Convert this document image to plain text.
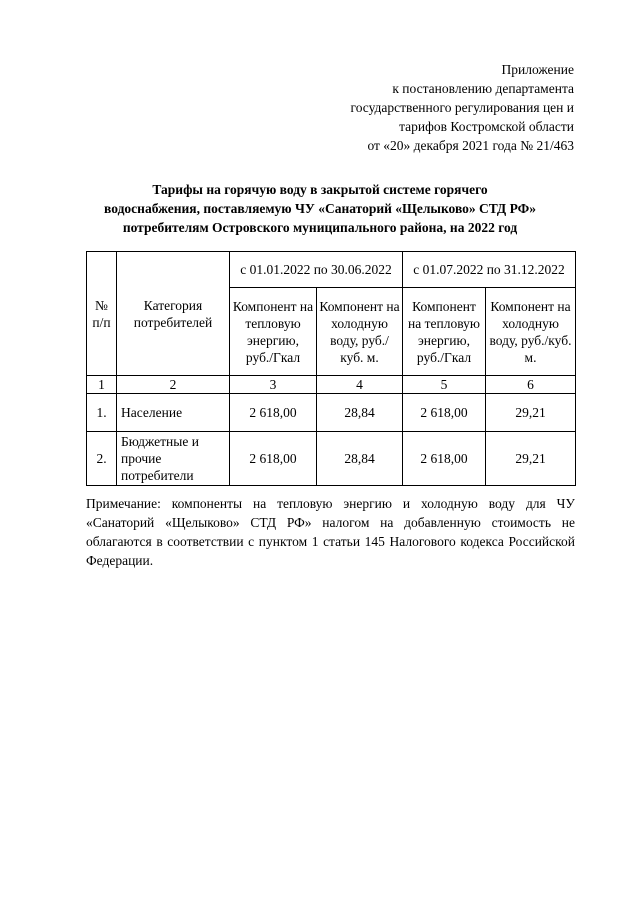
Приложение
к постановлению департамента
государственного регулирования цен и
тарифов Костромской области
от «20» декабря 2021 года № 21/463
Тарифы на горячую воду в закрытой системе горячего
водоснабжения, поставляемую ЧУ «Санаторий «Щелыково» СТД РФ»
потребителям Островского муниципального района, на 2022 год
№ п/п	Категория потребителей	с 01.01.2022 по 30.06.2022		с 01.07.2022 по 31.12.2022	
		Компонент на тепловую энергию, руб./Гкал	Компонент на холодную воду, руб./куб. м.	Компонент на тепловую энергию, руб./Гкал	Компонент на холодную воду, руб./куб. м.
1	2	3	4	5	6
1.	Население	2 618,00	28,84	2 618,00	29,21
2.	Бюджетные и прочие потребители	2 618,00	28,84	2 618,00	29,21
Примечание: компоненты на тепловую энергию и холодную воду для ЧУ «Санаторий «Щелыково» СТД РФ» налогом на добавленную стоимость не облагаются в соответствии с пунктом 1 статьи 145 Налогового кодекса Российской Федерации.
